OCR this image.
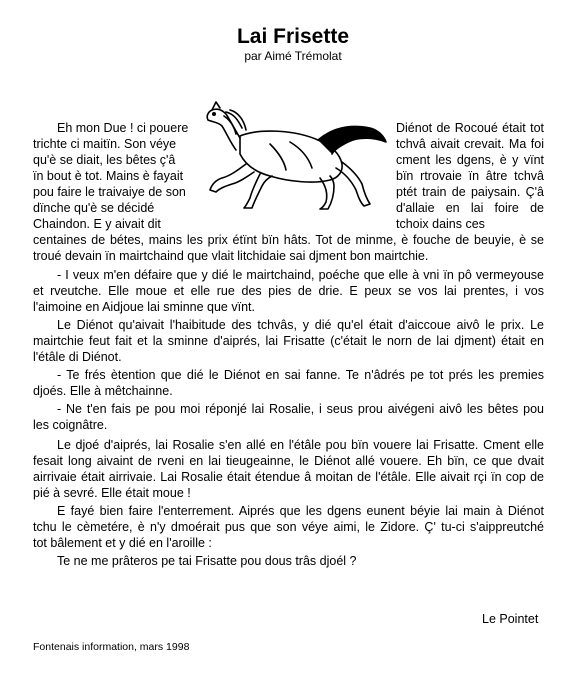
Lai Frisette
par Aimé Trémolat
Eh mon Due ! ci pouere	Diénot de Rocoué était tot
trichte ci maitïn. Son véye	tchvâ aivait crevait. Ma foi
qu'è se diait, les bêtes ç'â	cment les dgens, è y vïnt
ïn bout è tot. Mains è fayait	bïn rtrovaie ïn âtre tchvâ
pou faire le traivaiye de son	ptét train de paiysain. Ç'â
dïnche qu'è se décidé	d'allaie en lai foire de
Chaindon. E y aivait dit	tchoix dains ces
centaines de bétes, mains les prix étïnt bïn hâts. Tot de minme, è fouche de beuyie, è se
troué devain ïn mairtchaind que vlait litchidaie sai djment bon mairtchie.
- I veux m'en défaire que y dié le mairtchaind, poéche que elle à vni ïn pô vermeyouse
et rveutche. Elle moue et elle rue des pies de drie. E peux se vos lai prentes, i vos
l'aimoine en Aidjoue lai sminne que vïnt.
Le Diénot qu'aivait l'haibitude des tchvâs, y dié qu'el était d'aiccoue aivô le prix. Le
mairtchie feut fait et la sminne d'aiprés, lai Frisatte (c'était le norn de lai djment) était en
l'étâle di Diénot.
- Te frés ètention que dié le Diénot en sai fanne. Te n'âdrés pe tot prés les premies
djoés. Elle à mêtchainne.
- Ne t'en fais pe pou moi réponjé lai Rosalie, i seus prou aivégeni aivô les bêtes pou
les coignâtre.
Le djoé d'aiprés, lai Rosalie s'en allé en l'étâle pou bïn vouere lai Frisatte. Cment elle
fesait long aivaint de rveni en lai tieugeainne, le Diénot allé vouere. Eh bïn, ce que dvait
airrivaie était airrivaie. Lai Rosalie était étendue â moitan de l'étâle. Elle aivait rçi ïn cop de
pié à sevré. Elle était moue !
E fayé bien faire l'enterrement. Aiprés que les dgens eunent béyie lai main à Diénot
tchu le cèmetére, è n'y dmoérait pus que son véye aimi, le Zidore. Ç' tu-ci s'aippreutché
tot bâlement et y dié en l'aroille :
Te ne me prâteros pe tai Frisatte pou dous trâs djoél ?
Le Pointet
Fontenais information, mars 1998
